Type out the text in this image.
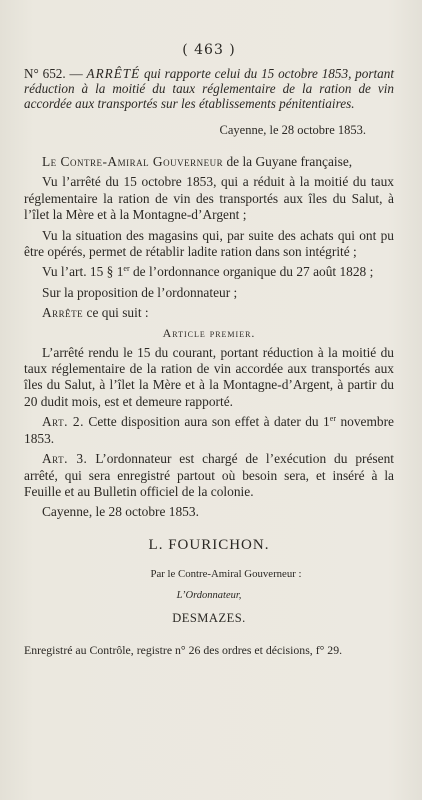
( 463 )
N° 652. — ARRÊTÉ qui rapporte celui du 15 octobre 1853, portant réduction à la moitié du taux réglementaire de la ration de vin accordée aux transportés sur les établissements pénitentiaires.
Cayenne, le 28 octobre 1853.

Le Contre-Amiral Gouverneur de la Guyane française,

Vu l’arrêté du 15 octobre 1853, qui a réduit à la moitié du taux réglementaire la ration de vin des transportés aux îles du Salut, à l’îlet la Mère et à la Montagne-d’Argent ;

Vu la situation des magasins qui, par suite des achats qui ont pu être opérés, permet de rétablir ladite ration dans son intégrité ;

Vu l’art. 15 § 1er de l’ordonnance organique du 27 août 1828 ;

Sur la proposition de l’ordonnateur ;

Arrête ce qui suit :

Article premier.

L’arrêté rendu le 15 du courant, portant réduction à la moitié du taux réglementaire de la ration de vin accordée aux transportés aux îles du Salut, à l’îlet la Mère et à la Montagne-d’Argent, à partir du 20 dudit mois, est et demeure rapporté.

Art. 2. Cette disposition aura son effet à dater du 1er novembre 1853.

Art. 3. L’ordonnateur est chargé de l’exécution du présent arrêté, qui sera enregistré partout où besoin sera, et inséré à la Feuille et au Bulletin officiel de la colonie.

Cayenne, le 28 octobre 1853.

L. FOURICHON.
Par le Contre-Amiral Gouverneur :
L’Ordonnateur,
DESMAZES.

Enregistré au Contrôle, registre n° 26 des ordres et décisions, f° 29.
